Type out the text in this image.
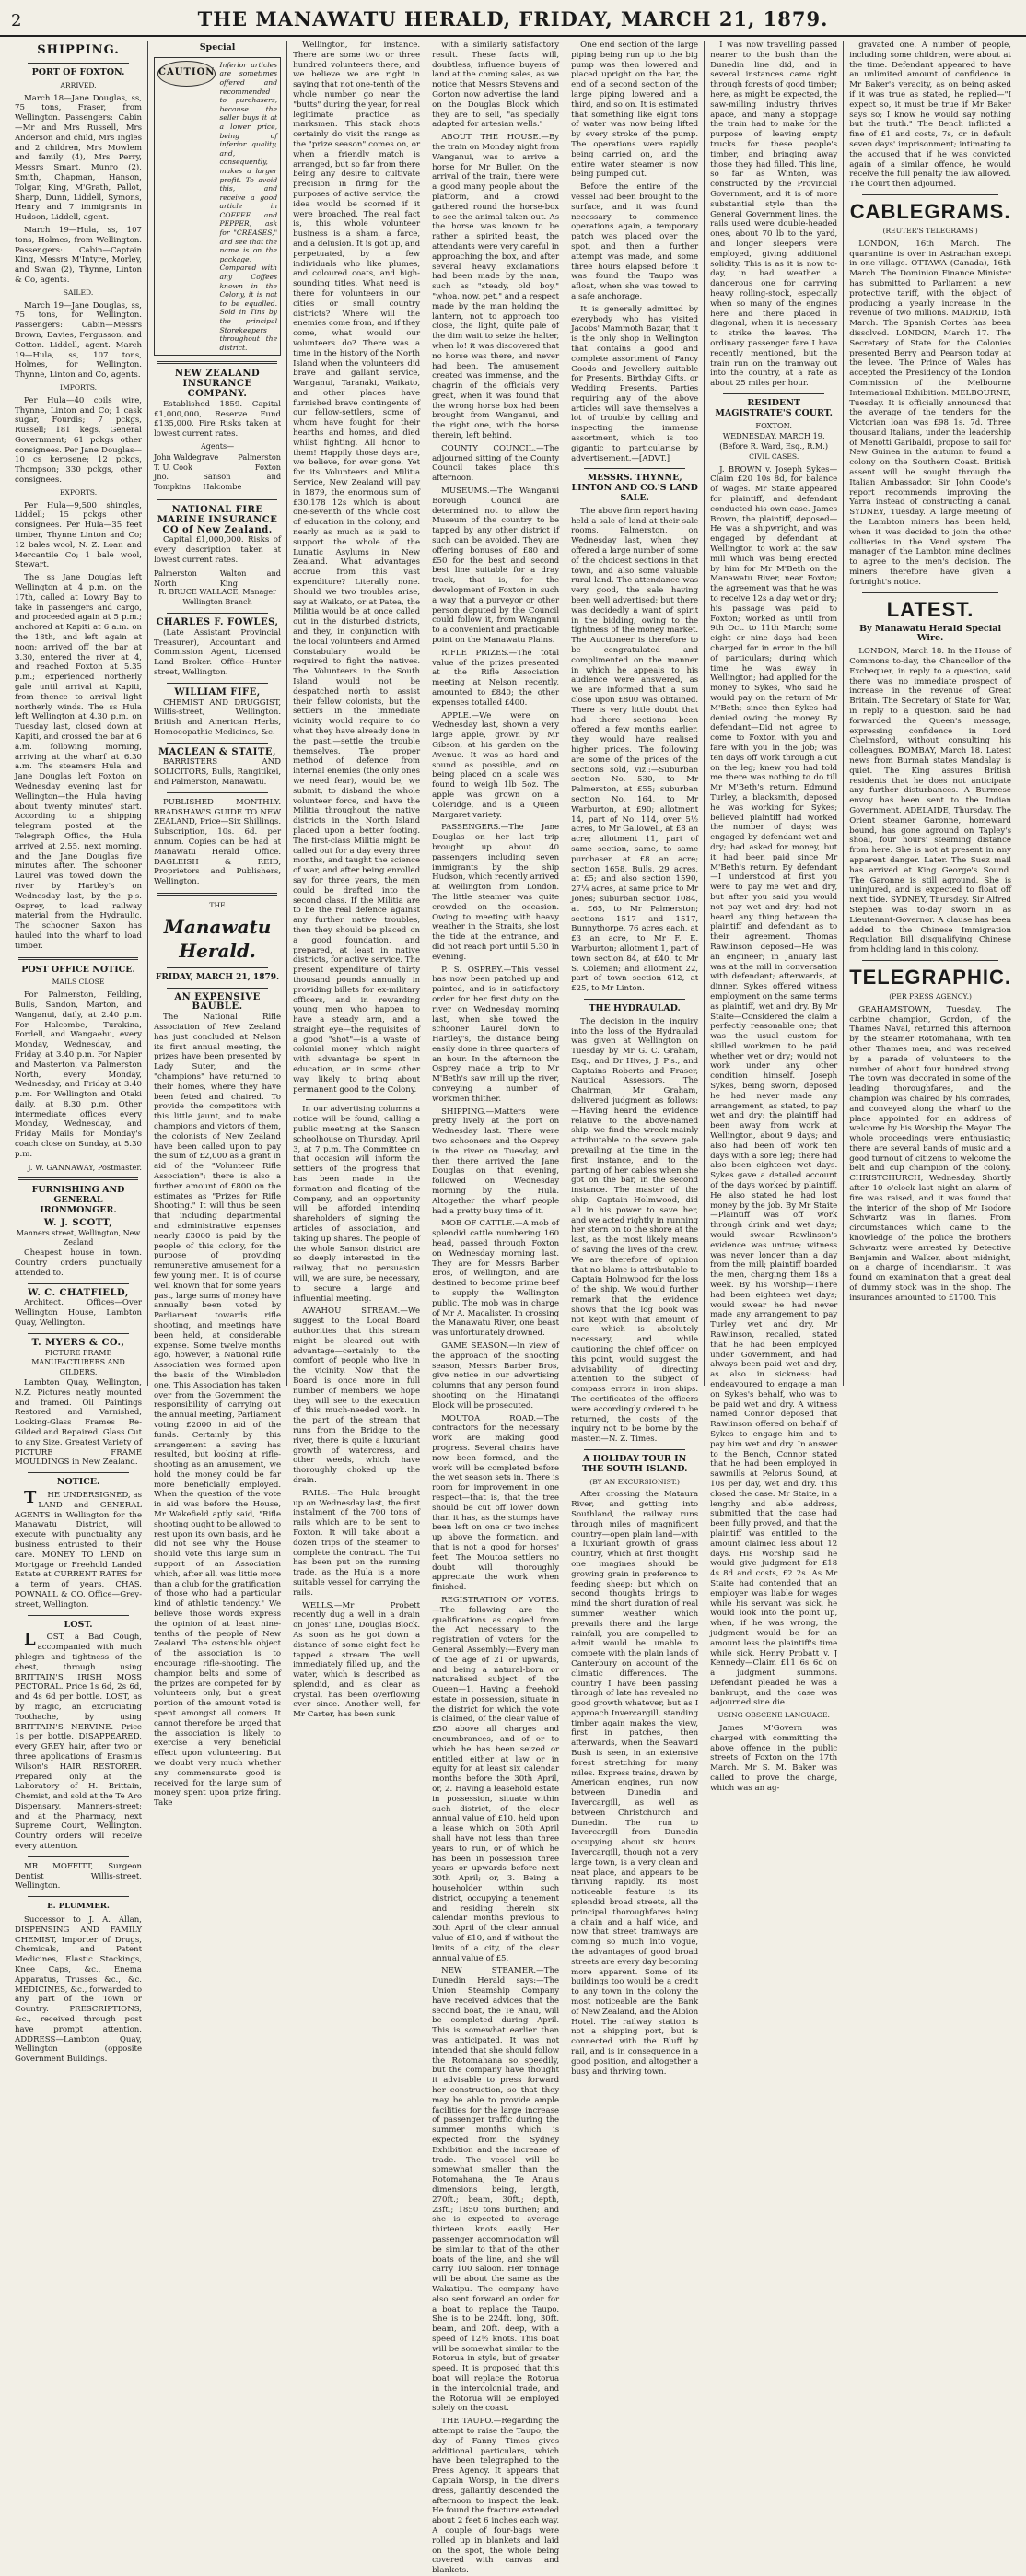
2	THE MANAWATU HERALD, FRIDAY, MARCH 21, 1879.
SHIPPING.
PORT OF FOXTON.
ARRIVED.

March 18—Jane Douglas, ss, 75 tons, Fraser, from Wellington. Passengers: Cabin—Mr and Mrs Russell, Mrs Anderson and child, Mrs Ingles and 2 children, Mrs Mowlem and family (4), Mrs Perry, Messrs Smart, Munro (2), Smith, Chapman, Hanson, Tolgar, King, M'Grath, Pallot, Sharp, Dunn, Liddell, Symons, Henry and 7 immigrants in Hudson, Liddell, agent.

March 19—Hula, ss, 107 tons, Holmes, from Wellington. Passengers: Cabin—Captain King, Messrs M'Intyre, Morley, and Swan (2), Thynne, Linton & Co, agents.

SAILED.

March 19—Jane Douglas, ss, 75 tons, for Wellington. Passengers: Cabin—Messrs Brown, Davies, Fergusson, and Cotton. Liddell, agent. March 19—Hula, ss, 107 tons, Holmes, for Wellington. Thynne, Linton and Co, agents.

IMPORTS.

Per Hula—40 coils wire, Thynne, Linton and Co; 1 cask sugar, Fourdis; 7 pckgs, Russell; 181 kegs, General Government; 61 pckgs other consignees. Per Jane Douglas—10 cs kerosene; 12 pckgs, Thompson; 330 pckgs, other consignees.

EXPORTS.

Per Hula—9,500 shingles, Liddell; 15 pckgs other consignees. Per Hula—35 feet timber, Thynne Linton and Co; 12 bales wool, N. Z. Loan and Mercantile Co; 1 bale wool, Stewart.

The ss Jane Douglas left Wellington at 4 p.m. on the 17th, called at Lowry Bay to take in passengers and cargo, and proceeded again at 5 p.m.; anchored at Kapiti at 6 a.m. on the 18th, and left again at noon; arrived off the bar at 3.30, entered the river at 4, and reached Foxton at 5.35 p.m.; experienced northerly gale until arrival at Kapiti, from thence to arrival light northerly winds. The ss Hula left Wellington at 4.30 p.m. on Tuesday last, closed down at Kapiti, and crossed the bar at 6 a.m. following morning, arriving at the wharf at 6.30 a.m. The steamers Hula and Jane Douglas left Foxton on Wednesday evening last for Wellington—the Hula having about twenty minutes' start. According to a shipping telegram posted at the Telegraph Office, the Hula arrived at 2.55, next morning, and the Jane Douglas five minutes after. The schooner Laurel was towed down the river by Hartley's on Wednesday last, by the p.s. Osprey, to load railway material from the Hydraulic. The schooner Saxon has hauled into the wharf to load timber.

POST OFFICE NOTICE.
MAILS CLOSE

For Palmerston, Feilding, Bulls, Sandon, Marton, and Wanganui, daily, at 2.40 p.m. For Halcombe, Turakina, Fordell, and Wangaehu, every Monday, Wednesday, and Friday, at 3.40 p.m. For Napier and Masterton, via Palmerston North, every Monday, Wednesday, and Friday at 3.40 p.m. For Wellington and Otaki daily, at 8.30 p.m. Other intermediate offices every Monday, Wednesday, and Friday. Mails for Monday's coach close on Sunday, at 5.30 p.m.

J. W. GANNAWAY, Postmaster.
FURNISHING AND GENERAL IRONMONGER.
W. J. SCOTT,
Manners street, Wellington, New Zealand

Cheapest house in town. Country orders punctually attended to.

W. C. CHATFIELD,

Architect. Offices—Over Wellington House, Lambton Quay, Wellington.

T. MYERS & CO.,
PICTURE FRAME MANUFACTURERS AND GILDERS.

Lambton Quay, Wellington, N.Z. Pictures neatly mounted and framed. Oil Paintings Restored and Varnished, Looking-Glass Frames Re-Gilded and Repaired. Glass Cut to any Size. Greatest Variety of PICTURE FRAME MOULDINGS in New Zealand.

NOTICE.

THE UNDERSIGNED, as LAND and GENERAL AGENTS in Wellington for the Manawatu District, will execute with punctuality any business entrusted to their care. MONEY TO LEND on Mortgage or Freehold Landed Estate at CURRENT RATES for a term of years. CHAS. POWNALL & CO. Office—Grey-street, Wellington.

LOST.

LOST, a Bad Cough, accompanied with much phlegm and tightness of the chest, through using BRITTAIN'S IRISH MOSS PECTORAL. Price 1s 6d, 2s 6d, and 4s 6d per bottle. LOST, as by magic, an excruciating Toothache, by using BRITTAIN'S NERVINE. Price 1s per bottle. DISAPPEARED, every GREY hair, after two or three applications of Erasmus Wilson's HAIR RESTORER. Prepared only at the Laboratory of H. Brittain, Chemist, and sold at the Te Aro Dispensary, Manners-street; and at the Pharmacy, next Supreme Court, Wellington. Country orders will receive every attention.

MR MOFFITT, Surgeon Dentist Willis-street, Wellington.

E. PLUMMER.

Successor to J. A. Allan, DISPENSING AND FAMILY CHEMIST, Importer of Drugs, Chemicals, and Patent Medicines, Elastic Stockings, Knee Caps, &c., Enema Apparatus, Trusses &c., &c. MEDICINES, &c., forwarded to any part of the Town or Country. PRESCRIPTIONS, &c., received through post have prompt attention. ADDRESS—Lambton Quay, Wellington (opposite Government Buildings.

Special
CAUTION
Inferior articles are sometimes offered and recommended to purchasers, because the seller buys it at a lower price, being of inferior quality, and, consequently, makes a larger profit. To avoid this, and receive a good article in COFFEE and PEPPER, ask for "CREASES," and see that the name is on the package. Compared with any Coffees known in the Colony, it is not to be equalled. Sold in Tins by the principal Storekeepers throughout the district.
NEW ZEALAND INSURANCE COMPANY.

Established 1859. Capital £1,000,000, Reserve Fund £135,000. Fire Risks taken at lowest current rates.

Agents—
John Waldegrave	Palmerston
T. U. Cook	Foxton
Jno. Tompkins
Sanson and Halcombe
NATIONAL FIRE MARINE INSURANCE CO of New Zealand.

Capital £1,000,000. Risks of every description taken at lowest current rates.

Palmerston North
Walton and King
R. BRUCE WALLACE, Manager Wellington Branch
CHARLES F. FOWLES,

(Late Assistant Provincial Treasurer), Accountant and Commission Agent, Licensed Land Broker. Office—Hunter street, Wellington.

WILLIAM FIFE,

CHEMIST AND DRUGGIST, Willis-street, Wellington. British and American Herbs, Homoeopathic Medicines, &c.

MACLEAN & STAITE,

BARRISTERS AND SOLICITORS, Bulls, Rangitikei, and Palmerston, Manawatu.

PUBLISHED MONTHLY. BRADSHAW'S GUIDE TO NEW ZEALAND, Price—Six Shillings. Subscription, 10s. 6d. per annum. Copies can be had at Manawatu Herald Office. DAGLEISH & REID, Proprietors and Publishers, Wellington.

THE
Manawatu Herald.
FRIDAY, MARCH 21, 1879.
AN EXPENSIVE BAUBLE.

The National Rifle Association of New Zealand has just concluded at Nelson its first annual meeting, the prizes have been presented by Lady Suter, and the "champions" have returned to their homes, where they have been feted and chaired. To provide the competitors with this little jaunt, and to make champions and victors of them, the colonists of New Zealand have been called upon to pay the sum of £2,000 as a grant in aid of the "Volunteer Rifle Association"; there is also a further amount of £800 on the estimates as "Prizes for Rifle Shooting." It will thus be seen that including departmental and administrative expenses nearly £3000 is paid by the people of this colony, for the purpose of providing remunerative amusement for a few young men. It is of course well known that for some years past, large sums of money have annually been voted by Parliament towards rifle shooting, and meetings have been held, at considerable expense. Some twelve months ago, however, a National Rifle Association was formed upon the basis of the Wimbledon one. This Association has taken over from the Government the responsibility of carrying out the annual meeting, Parliament voting £2000 in aid of the funds. Certainly by this arrangement a saving has resulted, but looking at rifle-shooting as an amusement, we hold the money could be far more beneficially employed. When the question of the vote in aid was before the House, Mr Wakefield aptly said, "Rifle shooting ought to be allowed to rest upon its own basis, and he did not see why the House should vote this large sum in support of an Association which, after all, was little more than a club for the gratification of those who had a particular kind of athletic tendency." We believe those words express the opinion of at least nine-tenths of the people of New Zealand. The ostensible object of the association is to encourage rifle-shooting. The champion belts and some of the prizes are competed for by volunteers only, but a great portion of the amount voted is spent amongst all comers. It cannot therefore be urged that the association is likely to exercise a very beneficial effect upon volunteering. But we doubt very much whether any commensurate good is received for the large sum of money spent upon prize firing. Take

Wellington, for instance. There are some two or three hundred volunteers there, and we believe we are right in saying that not one-tenth of the whole number go near the "butts" during the year, for real legitimate practice as marksmen. This stack shots certainly do visit the range as the "prize season" comes on, or when a friendly match is arranged, but so far from there being any desire to cultivate precision in firing for the purposes of active service, the idea would be scorned if it were broached. The real fact is, this whole volunteer business is a sham, a farce, and a delusion. It is got up, and perpetuated, by a few individuals who like plumes, and coloured coats, and high-sounding titles. What need is there for volunteers in our cities or small country districts? Where will the enemies come from, and if they come, what would our volunteers do? There was a time in the history of the North Island when the volunteers did brave and gallant service, Wanganui, Taranaki, Waikato, and other places have furnished brave contingents of our fellow-settlers, some of whom have fought for their hearths and homes, and died whilst fighting. All honor to them! Happily those days are, we believe, for ever gone. Yet for its Volunteers and Militia Service, New Zealand will pay in 1879, the enormous sum of £30,178 12s which is about one-seventh of the whole cost of education in the colony, and nearly as much as is paid to support the whole of the Lunatic Asylums in New Zealand. What advantages accrue from this vast expenditure? Literally none. Should we two troubles arise, say at Waikato, or at Patea, the Militia would be at once called out in the disturbed districts, and they, in conjunction with the local volunteers and Armed Constabulary would be required to fight the natives. The Volunteers in the South Island would not be despatched north to assist their fellow colonists, but the settlers in the immediate vicinity would require to do what they have already done in the past,—settle the trouble themselves. The proper method of defence from internal enemies (the only ones we need fear), would be, we submit, to disband the whole volunteer force, and have the Militia throughout the native districts in the North Island placed upon a better footing. The first-class Militia might be called out for a day every three months, and taught the science of war, and after being enrolled say for three years, the men could be drafted into the second class. If the Militia are to be the real defence against any further native troubles, then they should be placed on a good foundation, and prepared, at least in native districts, for active service. The present expenditure of thirty thousand pounds annually in providing billets for ex-military officers, and in rewarding young men who happen to have a steady arm, and a straight eye—the requisites of a good "shot"—is a waste of colonial money which might with advantage be spent in education, or in some other way likely to bring about permanent good to the Colony.

In our advertising columns a notice will be found, calling a public meeting at the Sanson schoolhouse on Thursday, April 3, at 7 p.m. The Committee on that occasion will inform the settlers of the progress that has been made in the formation and floating of the Company, and an opportunity will be afforded intending shareholders of signing the articles of association, and taking up shares. The people of the whole Sanson district are so deeply interested in the railway, that no persuasion will, we are sure, be necessary, to secure a large and influential meeting.

AWAHOU STREAM.—We suggest to the Local Board authorities that this stream might be cleared out with advantage—certainly to the comfort of people who live in the vicinity. Now that the Board is once more in full number of members, we hope they will see to the execution of this much-needed work. In the part of the stream that runs from the Bridge to the river, there is quite a luxuriant growth of watercress, and other weeds, which have thoroughly choked up the drain.

RAILS.—The Hula brought up on Wednesday last, the first instalment of the 700 tons of rails which are to be sent to Foxton. It will take about a dozen trips of the steamer to complete the contract. The Tui has been put on the running trade, as the Hula is a more suitable vessel for carrying the rails.

WELLS.—Mr Probett recently dug a well in a drain on Jones' Line, Douglas Block. As soon as he got down a distance of some eight feet he tapped a stream. The well immediately filled up, and the water, which is described as splendid, and as clear as crystal, has been overflowing ever since. Another well, for Mr Carter, has been sunk

with a similarly satisfactory result. These facts will, doubtless, influence buyers of land at the coming sales, as we notice that Messrs Stevens and Gorton now advertise the land on the Douglas Block which they are to sell, "as specially adapted for artesian wells."

ABOUT THE HOUSE.—By the train on Monday night from Wanganui, was to arrive a horse for Mr Buller. On the arrival of the train, there were a good many people about the platform, and a crowd gathered round the horse-box to see the animal taken out. As the horse was known to be rather a spirited beast, the attendants were very careful in approaching the box, and after several heavy exclamations had been made by the man, such as "steady, old boy," "whoa, now, pet," and a respect made by the man holding the lantern, not to approach too close, the light, quite pale of the dim wait to seize the halter, when lo! it was discovered that no horse was there, and never had been. The amusement created was immense, and the chagrin of the officials very great, when it was found that the wrong horse box had been brought from Wanganui, and the right one, with the horse therein, left behind.

COUNTY COUNCIL.—The adjourned sitting of the County Council takes place this afternoon.

MUSEUMS.—The Wanganui Borough Council are determined not to allow the Museum of the country to be tapped by any other district if such can be avoided. They are offering bonuses of £80 and £50 for the best and second best line suitable for a dray track, that is, for the development of Foxton in such a way that a purveyor or other person deputed by the Council could follow it, from Wanganui to a convenient and practicable point on the Manawatu Plains.

RIFLE PRIZES.—The total value of the prizes presented at the Rifle Association meeting at Nelson recently, amounted to £840; the other expenses totalled £400.

APPLE.—We were on Wednesday last, shown a very large apple, grown by Mr Gibson, at his garden on the Avenue. It was as hard and sound as possible, and on being placed on a scale was found to weigh 1lb 5oz. The apple was grown on a Coleridge, and is a Queen Margaret variety.

PASSENGERS.—The Jane Douglas on her last trip brought up about 40 passengers including seven immigrants by the ship Hudson, which recently arrived at Wellington from London. The little steamer was quite crowded on the occasion. Owing to meeting with heavy weather in the Straits, she lost the tide at the entrance, and did not reach port until 5.30 in evening.

P. S. OSPREY.—This vessel has now been patched up and painted, and is in satisfactory order for her first duty on the river on Wednesday morning last, when she towed the schooner Laurel down to Hartley's, the distance being easily done in three quarters of an hour. In the afternoon the Osprey made a trip to Mr M'Beth's saw mill up the river, conveying a number of workmen thither.

SHIPPING.—Matters were pretty lively at the port on Wednesday last. There were two schooners and the Osprey in the river on Tuesday, and then there arrived the Jane Douglas on that evening, followed on Wednesday morning by the Hula. Altogether the wharf people had a pretty busy time of it.

MOB OF CATTLE.—A mob of splendid cattle numbering 160 head, passed through Foxton on Wednesday morning last. They are for Messrs Barber Bros, of Wellington, and are destined to become prime beef to supply the Wellington public. The mob was in charge of Mr A. Macalister. In crossing the Manawatu River, one beast was unfortunately drowned.

GAME SEASON.—In view of the approach of the shooting season, Messrs Barber Bros, give notice in our advertising columns that any person found shooting on the Himatangi Block will be prosecuted.

MOUTOA ROAD.—The contractors for the necessary work are making good progress. Several chains have now been formed, and the work will be completed before the wet season sets in. There is room for improvement in one respect—that is, that the tree should be cut off lower down than it has, as the stumps have been left on one or two inches up above the formation, and that is not a good for horses' feet. The Moutoa settlers no doubt will thoroughly appreciate the work when finished.

REGISTRATION OF VOTES.—The following are the qualifications as copied from the Act necessary to the registration of voters for the General Assembly:—Every man of the age of 21 or upwards, and being a natural-born or naturalised subject of the Queen—1. Having a freehold estate in possession, situate in the district for which the vote is claimed, of the clear value of £50 above all charges and encumbrances, and of or to which he has been seized or entitled either at law or in equity for at least six calendar months before the 30th April, or, 2. Having a leasehold estate in possession, situate within such district, of the clear annual value of £10, held upon a lease which on 30th April shall have not less than three years to run, or of which he has been in possession three years or upwards before next 30th April; or, 3. Being a householder within such district, occupying a tenement and residing therein six calendar months previous to 30th April of the clear annual value of £10, and if without the limits of a city, of the clear annual value of £5.

NEW STEAMER.—The Dunedin Herald says:—The Union Steamship Company have received advices that the second boat, the Te Anau, will be completed during April. This is somewhat earlier than was anticipated. It was not intended that she should follow the Rotomahana so speedily, but the company have thought it advisable to press forward her construction, so that they may be able to provide ample facilities for the large increase of passenger traffic during the summer months which is expected from the Sydney Exhibition and the increase of trade. The vessel will be somewhat smaller than the Rotomahana, the Te Anau's dimensions being, length, 270ft.; beam, 30ft.; depth, 23ft.; 1850 tons burthen; and she is expected to average thirteen knots easily. Her passenger accommodation will be similar to that of the other boats of the line, and she will carry 100 saloon. Her tonnage will be about the same as the Wakatipu. The company have also sent forward an order for a boat to replace the Taupo. She is to be 224ft. long, 30ft. beam, and 20ft. deep, with a speed of 12½ knots. This boat will be somewhat similar to the Rotorua in style, but of greater speed. It is proposed that this boat will replace the Rotorua in the intercolonial trade, and the Rotorua will be employed solely on the coast.

THE TAUPO.—Regarding the attempt to raise the Taupo, the day of Fanny Times gives additional particulars, which have been telegraphed to the Press Agency. It appears that Captain Worsp, in the diver's dress, gallantly descended the afternoon to inspect the leak. He found the fracture extended about 2 feet 6 inches each way. A couple of four-bags were rolled up in blankets and laid on the spot, the whole being covered with canvas and blankets.

One end section of the large piping being run up to the big pump was then lowered and placed upright on the bar, the end of a second section of the large piping lowered and a third, and so on. It is estimated that something like eight tons of water was now being lifted by every stroke of the pump. The operations were rapidly being carried on, and the entire water steamer is now being pumped out.

Before the entire of the vessel had been brought to the surface, and it was found necessary to commence operations again, a temporary patch was placed over the spot, and then a further attempt was made, and some three hours elapsed before it was found the Taupo was afloat, when she was towed to a safe anchorage.

It is generally admitted by everybody who has visited Jacobs' Mammoth Bazar, that it is the only shop in Wellington that contains a good and complete assortment of Fancy Goods and Jewellery suitable for Presents, Birthday Gifts, or Wedding Presents. Parties requiring any of the above articles will save themselves a lot of trouble by calling and inspecting the immense assortment, which is too gigantic to particularise by advertisement.—[ADVT.]

MESSRS. THYNNE, LINTON AND CO.'S LAND SALE.

The above firm report having held a sale of land at their sale rooms, Palmerston, on Wednesday last, when they offered a large number of some of the choicest sections in that town, and also some valuable rural land. The attendance was very good, the sale having been well advertised; but there was decidedly a want of spirit in the bidding, owing to the tightness of the money market. The Auctioneer is therefore to be congratulated and complimented on the manner in which he appeals to his audience were answered, as we are informed that a sum close upon £800 was obtained. There is very little doubt that had there sections been offered a few months earlier, they would have realised higher prices. The following are some of the prices of the sections sold, viz.:—Suburban section No. 530, to Mr Palmerston, at £55; suburban section No. 164, to Mr Warburton, at £90; allotment 14, part of No. 114, over 5½ acres, to Mr Gallowell, at £8 an acre; allotment 11, part of same section, same, to same purchaser, at £8 an acre; section 1658, Bulls, 29 acres, at £5; and also section 1590, 27¼ acres, at same price to Mr Jones; suburban section 1084, at £65, to Mr Palmerston; sections 1517 and 1517, Bunnythorpe, 76 acres each, at £3 an acre, to Mr F. E. Warburton; allotment 1, part of town section 84, at £40, to Mr S. Coleman; and allotment 22, part of town section 612, at £25, to Mr Linton.

THE HYDRAULAD.

The decision in the inquiry into the loss of the Hydraulad was given at Wellington on Tuesday by Mr G. C. Graham, Esq., and Dr Hives, J. P's., and Captains Roberts and Fraser, Nautical Assessors. The Chairman, Mr Graham, delivered judgment as follows:—Having heard the evidence relative to the above-named ship, we find the wreck mainly attributable to the severe gale prevailing at the time in the first instance, and to the parting of her cables when she got on the bar, in the second instance. The master of the ship, Captain Holmwood, did all in his power to save her, and we acted rightly in running her stern on to the shore at the last, as the most likely means of saving the lives of the crew. We are therefore of opinion that no blame is attributable to Captain Holmwood for the loss of the ship. We would further remark that the evidence shows that the log book was not kept with that amount of care which is absolutely necessary, and while cautioning the chief officer on this point, would suggest the advisability of directing attention to the subject of compass errors in iron ships. The certificates of the officers were accordingly ordered to be returned, the costs of the inquiry not to be borne by the master.—N. Z. Times.

A HOLIDAY TOUR IN THE SOUTH ISLAND.
(BY AN EXCURSIONIST.)

After crossing the Mataura River, and getting into Southland, the railway runs through miles of magnificent country—open plain land—with a luxuriant growth of grass country, which at first thought one imagines should be growing grain in preference to feeding sheep; but which, on second thoughts brings to mind the short duration of real summer weather which prevails there and the large rainfall, you are compelled to admit would be unable to compete with the plain lands of Canterbury on account of the climatic differences. The country I have been passing through of late has revealed no good growth whatever, but as I approach Invercargill, standing timber again makes the view, first in patches, then afterwards, when the Seaward Bush is seen, in an extensive forest stretching for many miles. Express trains, drawn by American engines, run now between Dunedin and Invercargill, as well as between Christchurch and Dunedin. The run to Invercargill from Dunedin occupying about six hours. Invercargill, though not a very large town, is a very clean and neat place, and appears to be thriving rapidly. Its most noticeable feature is its splendid broad streets, all the principal thoroughfares being a chain and a half wide, and now that street tramways are coming so much into vogue, the advantages of good broad streets are every day becoming more apparent. Some of its buildings too would be a credit to any town in the colony the most noticeable are the Bank of New Zealand, and the Albion Hotel. The railway station is not a shipping port, but is connected with the Bluff by rail, and is in consequence in a good position, and altogether a busy and thriving town.

I was now travelling passed nearer to the bush than the Dunedin line did, and in several instances came right through forests of good timber; here, as might be expected, the saw-milling industry thrives apace, and many a stoppage the train had to make for the purpose of leaving empty trucks for these people's timber, and bringing away those they had filled. This line, so far as Winton, was constructed by the Provincial Government, and it is of more substantial style than the General Government lines, the rails used were double-headed ones, about 70 lb to the yard, and longer sleepers were employed, giving additional solidity. This is as it is now to-day, in bad weather a dangerous one for carrying heavy rolling-stock, especially when so many of the engines here and there placed in diagonal, when it is necessary to strike the leaves. The ordinary passenger fare I have recently mentioned, but the train run on the tramway out into the country, at a rate as about 25 miles per hour.

RESIDENT MAGISTRATE'S COURT.
FOXTON.
WEDNESDAY, MARCH 19.
(Before R. Ward, Esq., R.M.)
CIVIL CASES.

J. BROWN v. Joseph Sykes—Claim £20 10s 8d, for balance of wages. Mr Staite appeared for plaintiff, and defendant conducted his own case. James Brown, the plaintiff, deposed—He was a shipwright, and was engaged by defendant at Wellington to work at the saw mill which was being erected by him for Mr M'Beth on the Manawatu River, near Foxton; the agreement was that he was to receive 12s a day wet or dry; his passage was paid to Foxton; worked as until from 9th Oct. to 11th March; some eight or nine days had been charged for in error in the bill of particulars; during which time he was away in Wellington; had applied for the money to Sykes, who said he would pay on the return of Mr M'Beth; since then Sykes had denied owing the money. By defendant—Did not agree to come to Foxton with you and fare with you in the job; was ten days off work through a cut on the leg; knew you had told me there was nothing to do till Mr M'Beth's return. Edmund Turley, a blacksmith, deposed he was working for Sykes; believed plaintiff had worked the number of days; was engaged by defendant wet and dry; had asked for money, but it had been paid since Mr M'Beth's return. By defendant—I understood at first you were to pay me wet and dry, but after you said you would not pay wet and dry; had not heard any thing between the plaintiff and defendant as to their agreement. Thomas Rawlinson deposed—He was an engineer; in January last was at the mill in conversation with defendant; afterwards, at dinner, Sykes offered witness employment on the same terms as plaintiff, wet and dry. By Mr Staite—Considered the claim a perfectly reasonable one; that was the usual custom for skilled workmen to be paid whether wet or dry; would not work under any other condition himself. Joseph Sykes, being sworn, deposed he had never made any arrangement, as stated, to pay wet and dry; the plaintiff had been away from work at Wellington, about 9 days; and also had been off work ten days with a sore leg; there had also been eighteen wet days. Sykes gave a detailed account of the days worked by plaintiff. He also stated he had lost money by the job. By Mr Staite—Plaintiff was off work through drink and wet days; would swear Rawlinson's evidence was untrue; witness was never longer than a day from the mill; plaintiff boarded the men, charging them 18s a week. By his Worship—There had been eighteen wet days; would swear he had never made any arrangement to pay Turley wet and dry. Mr Rawlinson, recalled, stated that he had been employed under Government, and had always been paid wet and dry, as also in sickness; had endeavoured to engage a man on Sykes's behalf, who was to be paid wet and dry. A witness named Connor deposed that Rawlinson offered on behalf of Sykes to engage him and to pay him wet and dry. In answer to the Bench, Connor stated that he had been employed in sawmills at Pelorus Sound, at 10s per day, wet and dry. This closed the case. Mr Staite, in a lengthy and able address, submitted that the case had been fully proved, and that the plaintiff was entitled to the amount claimed less about 12 days. His Worship said he would give judgment for £18 4s 8d and costs, £2 2s. As Mr Staite had contended that an employer was liable for wages while his servant was sick, he would look into the point up, when, if he was wrong, the judgment would be for an amount less the plaintiff's time while sick. Henry Probatt v. J Kennedy—Claim £11 6s 6d on a judgment summons. Defendant pleaded he was a bankrupt, and the case was adjourned sine die.

USING OBSCENE LANGUAGE.

James M'Govern was charged with committing the above offence in the public streets of Foxton on the 17th March. Mr S. M. Baker was called to prove the charge, which was an ag-

gravated one. A number of people, including some children, were about at the time. Defendant appeared to have an unlimited amount of confidence in Mr Baker's veracity, as on being asked if it was true as stated, he replied—"I expect so, it must be true if Mr Baker says so; I know he would say nothing but the truth." The Bench inflicted a fine of £1 and costs, 7s, or in default seven days' imprisonment; intimating to the accused that if he was convicted again of a similar offence, he would receive the full penalty the law allowed. The Court then adjourned.

CABLEGRAMS.
(REUTER'S TELEGRAMS.)

LONDON, 16th March. The quarantine is over in Astrachan except in one village. OTTAWA (Canada), 16th March. The Dominion Finance Minister has submitted to Parliament a new protective tariff, with the object of producing a yearly increase in the revenue of two millions. MADRID, 15th March. The Spanish Cortes has been dissolved. LONDON, March 17. The Secretary of State for the Colonies presented Berry and Pearson today at the levee. The Prince of Wales has accepted the Presidency of the London Commission of the Melbourne International Exhibition. MELBOURNE, Tuesday. It is officially announced that the average of the tenders for the Victorian loan was £98 1s. 7d. Three thousand Italians, under the leadership of Menotti Garibaldi, propose to sail for New Guinea in the autumn to found a colony on the Southern Coast. British assent will be sought through the Italian Ambassador. Sir John Coode's report recommends improving the Yarra instead of constructing a canal. SYDNEY, Tuesday. A large meeting of the Lambton miners has been held, when it was decided to join the other collieries in the Vend system. The manager of the Lambton mine declines to agree to the men's decision. The miners therefore have given a fortnight's notice.

LATEST.
By Manawatu Herald Special Wire.

LONDON, March 18. In the House of Commons to-day, the Chancellor of the Exchequer, in reply to a question, said there was no immediate prospect of increase in the revenue of Great Britain. The Secretary of State for War, in reply to a question, said he had forwarded the Queen's message, expressing confidence in Lord Chelmsford, without consulting his colleagues. BOMBAY, March 18. Latest news from Burmah states Mandalay is quiet. The King assures British residents that he does not anticipate any further disturbances. A Burmese envoy has been sent to the Indian Government. ADELAIDE, Thursday. The Orient steamer Garonne, homeward bound, has gone aground on Tapley's shoal, four hours' steaming distance from here. She is not at present in any apparent danger. Later. The Suez mail has arrived at King George's Sound. The Garonne is still aground. She is uninjured, and is expected to float off next tide. SYDNEY, Thursday. Sir Alfred Stephen was to-day sworn in as Lieutenant-Governor. A clause has been added to the Chinese Immigration Regulation Bill disqualifying Chinese from holding land in this colony.

TELEGRAPHIC.
(PER PRESS AGENCY.)

GRAHAMSTOWN, Tuesday. The carbine champion, Gordon, of the Thames Naval, returned this afternoon by the steamer Rotomahana, with ten other Thames men, and was received by a parade of volunteers to the number of about four hundred strong. The town was decorated in some of the leading thoroughfares, and the champion was chaired by his comrades, and conveyed along the wharf to the place appointed for an address of welcome by his Worship the Mayor. The whole proceedings were enthusiastic; there are several bands of music and a good turnout of citizens to welcome the belt and cup champion of the colony. CHRISTCHURCH, Wednesday. Shortly after 10 o'clock last night an alarm of fire was raised, and it was found that the interior of the shop of Mr Isodore Schwartz was in flames. From circumstances which came to the knowledge of the police the brothers Schwartz were arrested by Detective Benjamin and Walker, about midnight, on a charge of incendiarism. It was found on examination that a great deal of dummy stock was in the shop. The insurances amounted to £1700. This
